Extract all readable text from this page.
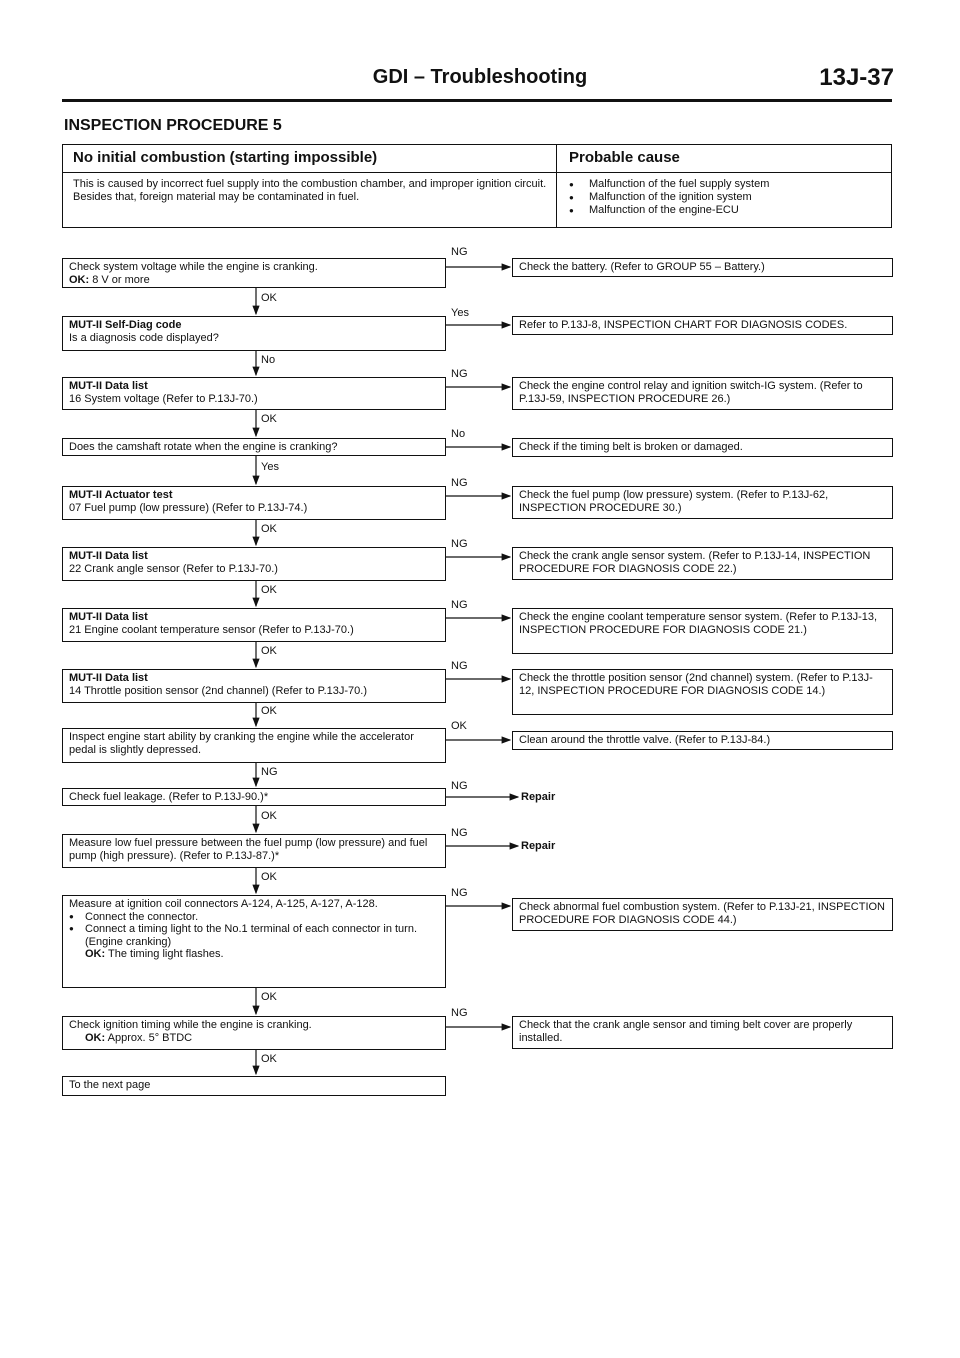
GDI – Troubleshooting	13J-37
INSPECTION PROCEDURE 5
No initial combustion (starting impossible)	Probable cause
This is caused by incorrect fuel supply into the combustion chamber, and improper ignition circuit. Besides that, foreign material may be contaminated in fuel.
● Malfunction of the fuel supply system
● Malfunction of the ignition system
● Malfunction of the engine-ECU
Check system voltage while the engine is cranking.
OK: 8 V or more
NG
Check the battery. (Refer to GROUP 55 – Battery.)
OK
MUT-II Self-Diag code
Is a diagnosis code displayed?
Yes
Refer to P.13J-8, INSPECTION CHART FOR DIAGNOSIS CODES.
No
MUT-II Data list
16 System voltage (Refer to P.13J-70.)
NG
Check the engine control relay and ignition switch-IG system. (Refer to P.13J-59, INSPECTION PROCEDURE 26.)
OK
Does the camshaft rotate when the engine is cranking?
No
Check if the timing belt is broken or damaged.
Yes
MUT-II Actuator test
07 Fuel pump (low pressure) (Refer to P.13J-74.)
NG
Check the fuel pump (low pressure) system. (Refer to P.13J-62, INSPECTION PROCEDURE 30.)
OK
MUT-II Data list
22 Crank angle sensor (Refer to P.13J-70.)
NG
Check the crank angle sensor system. (Refer to P.13J-14, INSPECTION PROCEDURE FOR DIAGNOSIS CODE 22.)
OK
MUT-II Data list
21 Engine coolant temperature sensor (Refer to P.13J-70.)
NG
Check the engine coolant temperature sensor system. (Refer to P.13J-13, INSPECTION PROCEDURE FOR DIAGNOSIS CODE 21.)
OK
MUT-II Data list
14 Throttle position sensor (2nd channel) (Refer to P.13J-70.)
NG
Check the throttle position sensor (2nd channel) system. (Refer to P.13J-12, INSPECTION PROCEDURE FOR DIAGNOSIS CODE 14.)
OK
Inspect engine start ability by cranking the engine while the accelerator pedal is slightly depressed.
OK
Clean around the throttle valve. (Refer to P.13J-84.)
NG
Check fuel leakage. (Refer to P.13J-90.)*
NG
Repair
OK
Measure low fuel pressure between the fuel pump (low pressure) and fuel pump (high pressure). (Refer to P.13J-87.)*
NG
Repair
OK
Measure at ignition coil connectors A-124, A-125, A-127, A-128.
● Connect the connector.
● Connect a timing light to the No.1 terminal of each connector in turn.
(Engine cranking)
OK: The timing light flashes.
NG
Check abnormal fuel combustion system. (Refer to P.13J-21, INSPECTION PROCEDURE FOR DIAGNOSIS CODE 44.)
OK
Check ignition timing while the engine is cranking.
OK: Approx. 5° BTDC
NG
Check that the crank angle sensor and timing belt cover are properly installed.
OK
To the next page
